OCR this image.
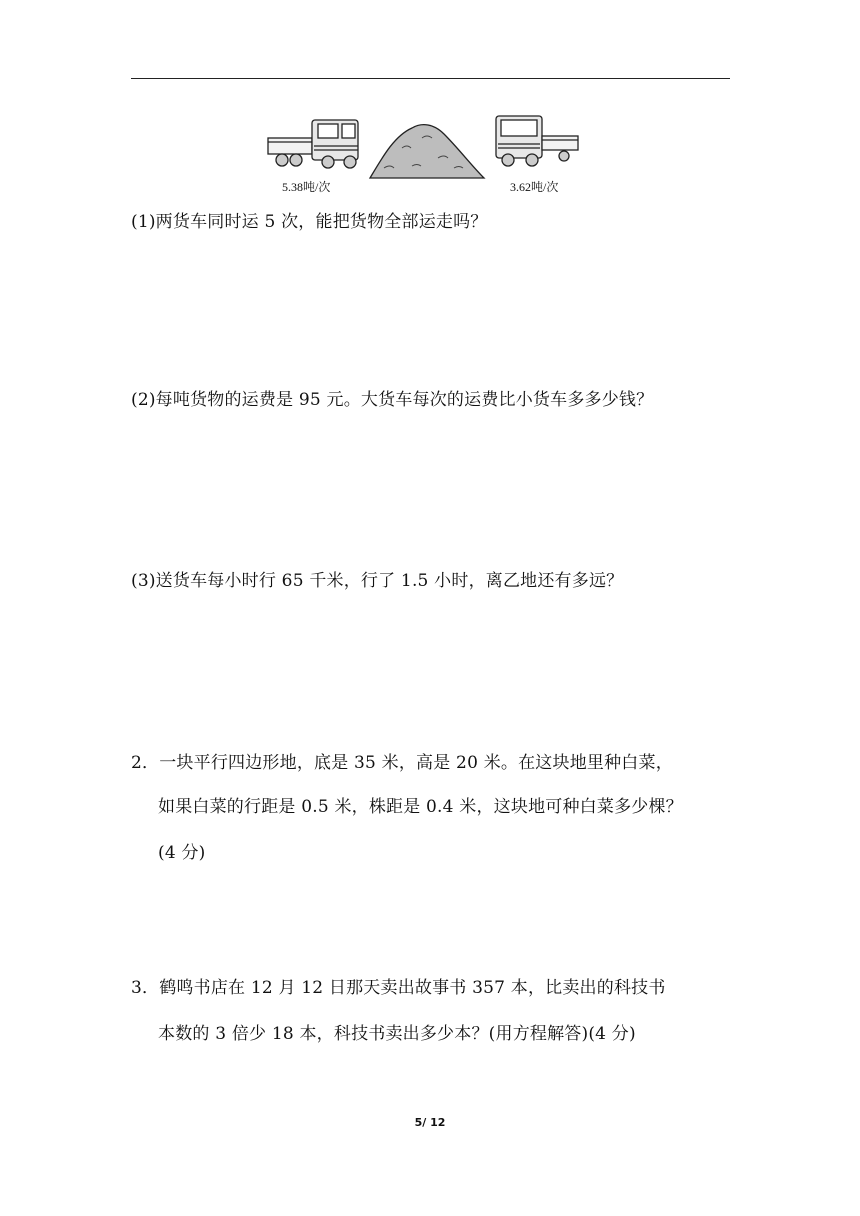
5.38吨/次	3.62吨/次
(1)两货车同时运 5 次，能把货物全部运走吗？
(2)每吨货物的运费是 95 元。大货车每次的运费比小货车多多少钱？
(3)送货车每小时行 65 千米，行了 1.5 小时，离乙地还有多远？
2．一块平行四边形地，底是 35 米，高是 20 米。在这块地里种白菜，
如果白菜的行距是 0.5 米，株距是 0.4 米，这块地可种白菜多少棵？
(4 分)
3．鹤鸣书店在 12 月 12 日那天卖出故事书 357 本，比卖出的科技书
本数的 3 倍少 18 本，科技书卖出多少本？(用方程解答)(4 分)
5/ 12
